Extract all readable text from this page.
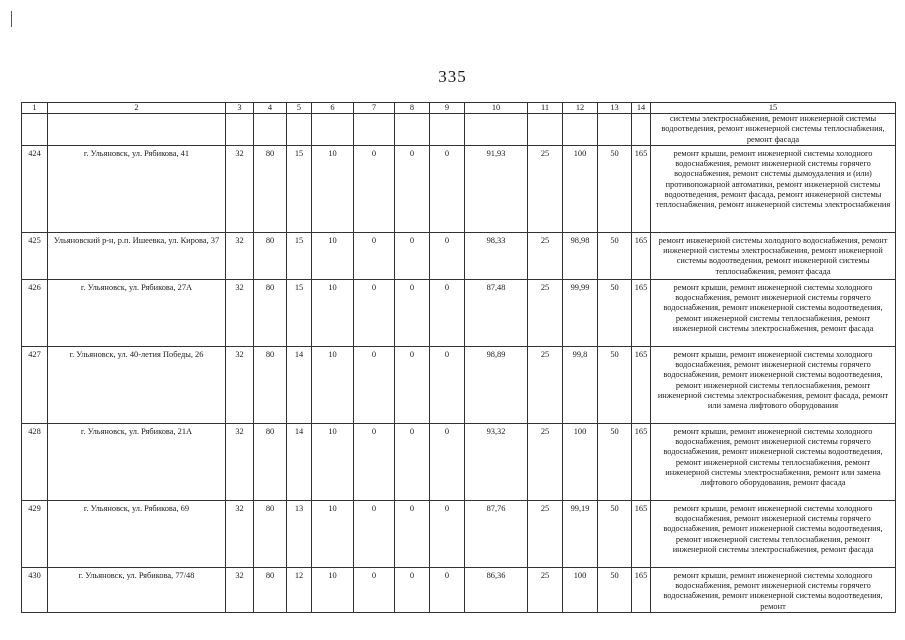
335
1	2	3	4	5	6	7	8	9	10	11	12	13	14	15
														системы электроснабжения, ремонт инженерной системы водоотведения, ремонт инженерной системы теплоснабжения, ремонт фасада
424	г. Ульяновск, ул. Рябикова, 41	32	80	15	10	0	0	0	91,93	25	100	50	165	ремонт крыши, ремонт инженерной системы холодного водоснабжения, ремонт инженерной системы горячего водоснабжения, ремонт системы дымоудаления и (или) противопожарной автоматики, ремонт инженерной системы водоотведения, ремонт фасада, ремонт инженерной системы теплоснабжения, ремонт инженерной системы электроснабжения
425	Ульяновский р-н, р.п. Ишеевка, ул. Кирова, 37	32	80	15	10	0	0	0	98,33	25	98,98	50	165	ремонт инженерной системы холодного водоснабжения, ремонт инженерной системы электроснабжения, ремонт инженерной системы водоотведения, ремонт инженерной системы теплоснабжения, ремонт фасада
426	г. Ульяновск, ул. Рябикова, 27А	32	80	15	10	0	0	0	87,48	25	99,99	50	165	ремонт крыши, ремонт инженерной системы холодного водоснабжения, ремонт инженерной системы горячего водоснабжения, ремонт инженерной системы водоотведения, ремонт инженерной системы теплоснабжения, ремонт инженерной системы электроснабжения, ремонт фасада
427	г. Ульяновск, ул. 40-летия Победы, 26	32	80	14	10	0	0	0	98,89	25	99,8	50	165	ремонт крыши, ремонт инженерной системы холодного водоснабжения, ремонт инженерной системы горячего водоснабжения, ремонт инженерной системы водоотведения, ремонт инженерной системы теплоснабжения, ремонт инженерной системы электроснабжения, ремонт фасада, ремонт или замена лифтового оборудования
428	г. Ульяновск, ул. Рябикова, 21А	32	80	14	10	0	0	0	93,32	25	100	50	165	ремонт крыши, ремонт инженерной системы холодного водоснабжения, ремонт инженерной системы горячего водоснабжения, ремонт инженерной системы водоотведения, ремонт инженерной системы теплоснабжения, ремонт инженерной системы электроснабжения, ремонт или замена лифтового оборудования, ремонт фасада
429	г. Ульяновск, ул. Рябикова, 69	32	80	13	10	0	0	0	87,76	25	99,19	50	165	ремонт крыши, ремонт инженерной системы холодного водоснабжения, ремонт инженерной системы горячего водоснабжения, ремонт инженерной системы водоотведения, ремонт инженерной системы теплоснабжения, ремонт инженерной системы электроснабжения, ремонт фасада
430	г. Ульяновск, ул. Рябикова, 77/48	32	80	12	10	0	0	0	86,36	25	100	50	165	ремонт крыши, ремонт инженерной системы холодного водоснабжения, ремонт инженерной системы горячего водоснабжения, ремонт инженерной системы водоотведения, ремонт
